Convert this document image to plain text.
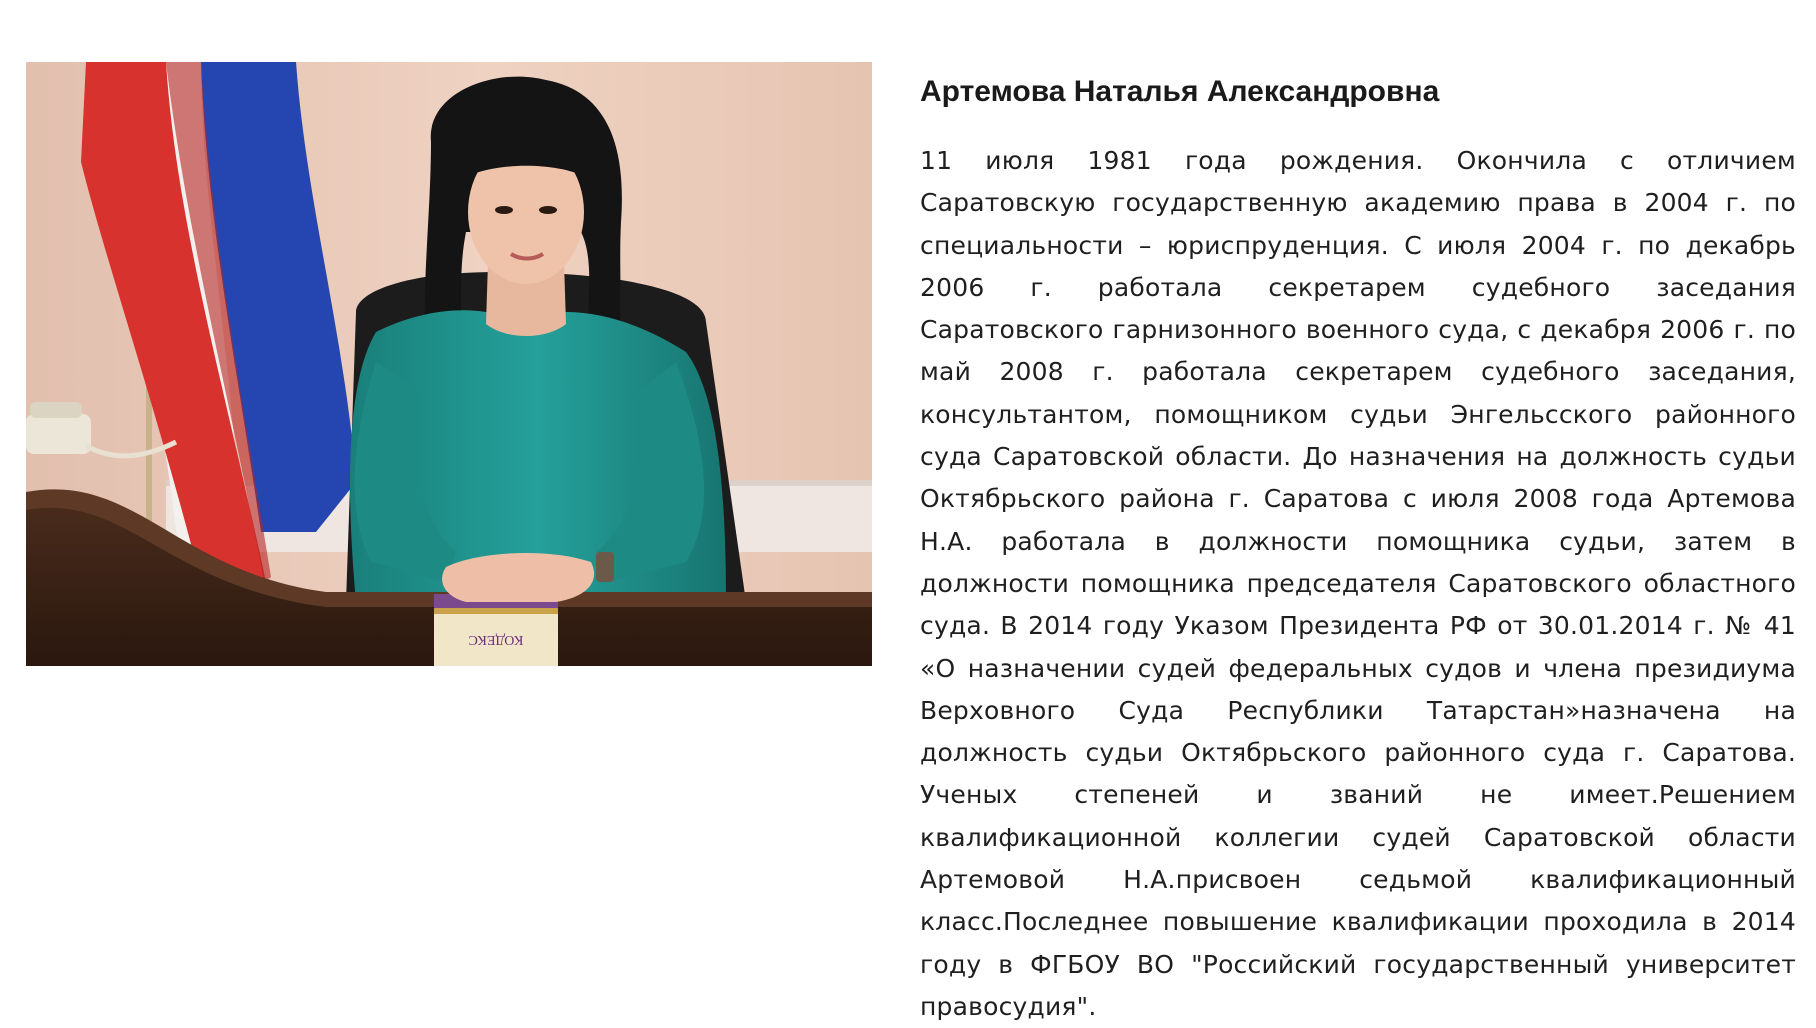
КОДЕКС
Артемова Наталья Александровна

11 июля 1981 года рождения. Окончила с отличием Саратовскую государственную академию права в 2004 г. по специальности – юриспруденция. С июля 2004 г. по декабрь 2006 г. работала секретарем судебного заседания Саратовского гарнизонного военного суда, с декабря 2006 г. по май 2008 г. работала секретарем судебного заседания, консультантом, помощником судьи Энгельсского районного суда Саратовской области. До назначения на должность судьи Октябрьского района г. Саратова с июля 2008 года Артемова Н.А. работала в должности помощника судьи, затем в должности помощника председателя Саратовского областного суда. В 2014 году Указом Президента РФ от 30.01.2014 г. № 41 «О назначении судей федеральных судов и члена президиума Верховного Суда Республики Татарстан»назначена на должность судьи Октябрьского районного суда г. Саратова. Ученых степеней и званий не имеет.Решением квалификационной коллегии судей Саратовской области Артемовой Н.А.присвоен седьмой квалификационный класс.Последнее повышение квалификации проходила в 2014 году в ФГБОУ ВО "Российский государственный университет правосудия".
